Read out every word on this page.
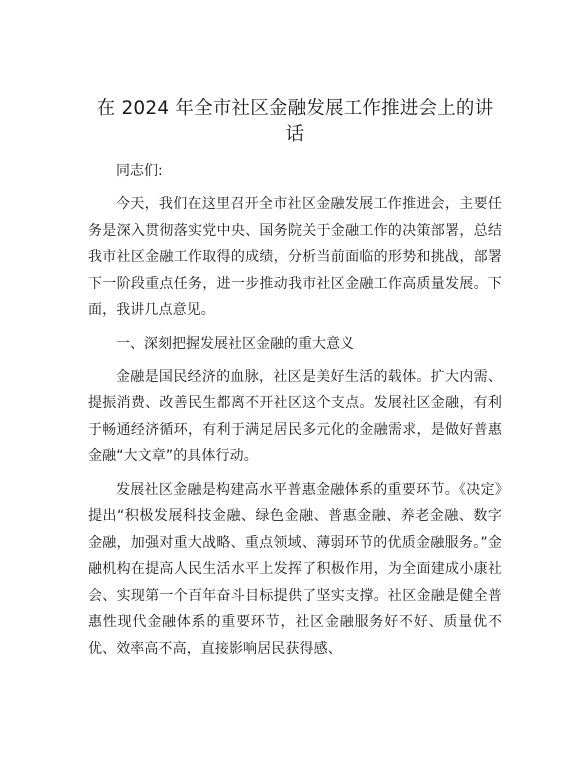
在 2024 年全市社区金融发展工作推进会上的讲话

同志们:

今天，我们在这里召开全市社区金融发展工作推进会，主要任务是深入贯彻落实党中央、国务院关于金融工作的决策部署，总结我市社区金融工作取得的成绩，分析当前面临的形势和挑战，部署下一阶段重点任务，进一步推动我市社区金融工作高质量发展。下面，我讲几点意见。

一、深刻把握发展社区金融的重大意义

金融是国民经济的血脉，社区是美好生活的载体。扩大内需、提振消费、改善民生都离不开社区这个支点。发展社区金融，有利于畅通经济循环，有利于满足居民多元化的金融需求，是做好普惠金融“大文章”的具体行动。

发展社区金融是构建高水平普惠金融体系的重要环节。《决定》提出“积极发展科技金融、绿色金融、普惠金融、养老金融、数字金融，加强对重大战略、重点领域、薄弱环节的优质金融服务。”金融机构在提高人民生活水平上发挥了积极作用，为全面建成小康社会、实现第一个百年奋斗目标提供了坚实支撑。社区金融是健全普惠性现代金融体系的重要环节，社区金融服务好不好、质量优不优、效率高不高，直接影响居民获得感、
